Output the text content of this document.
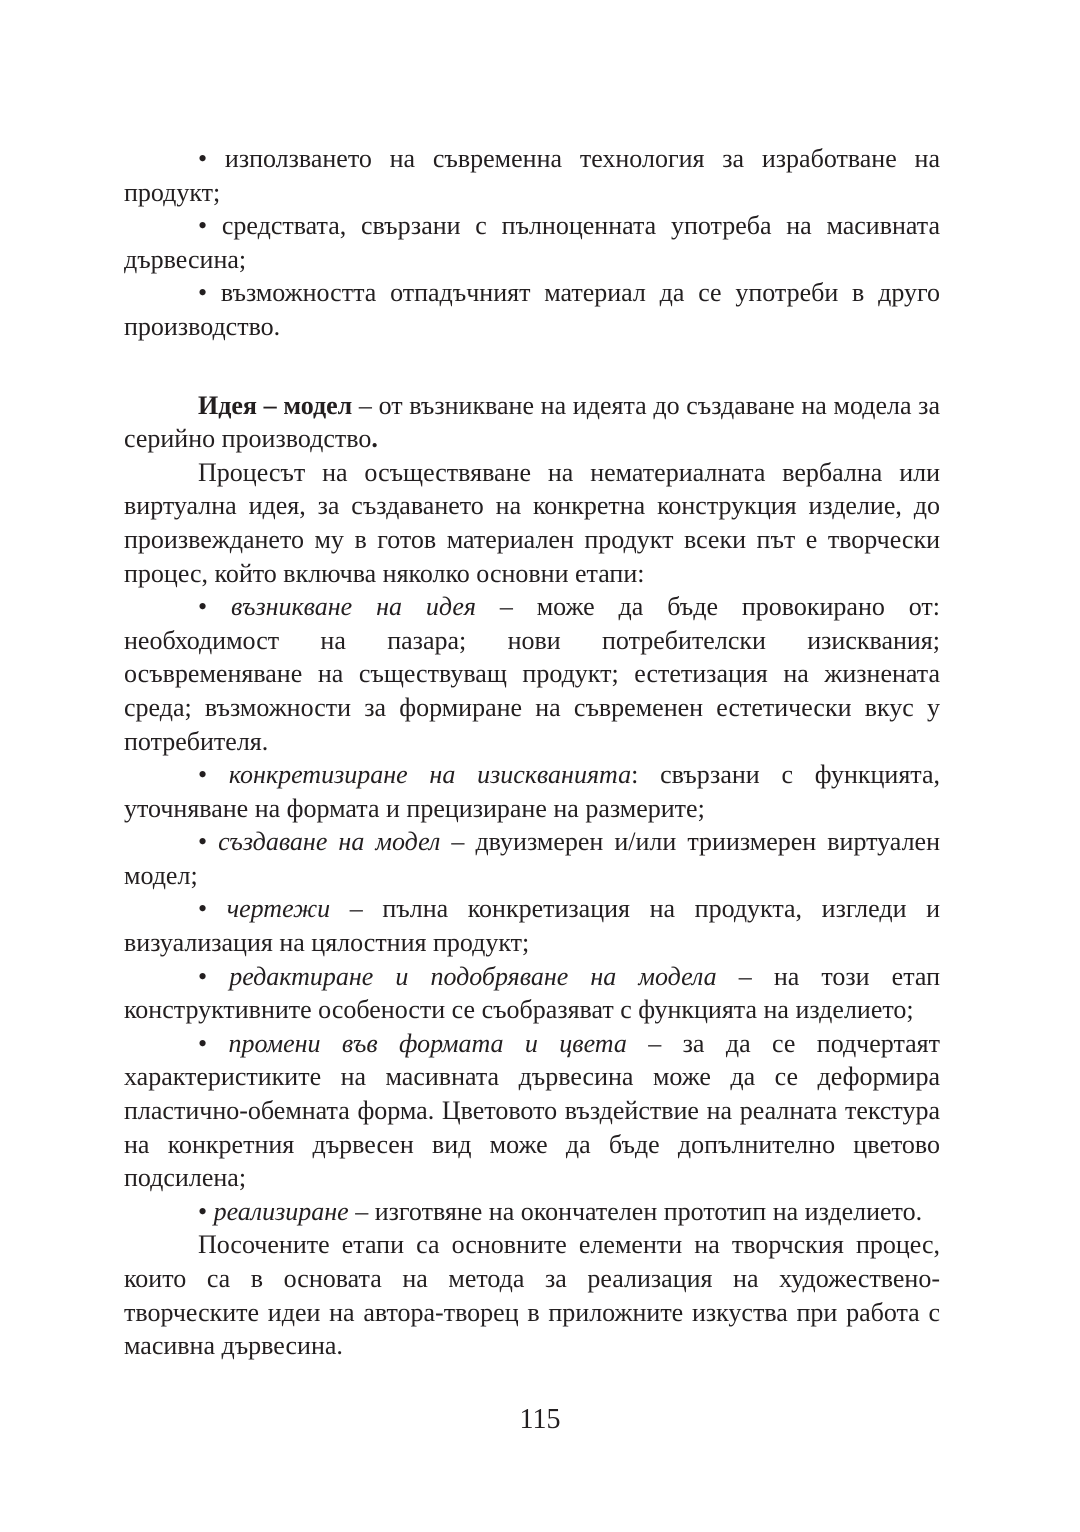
• използването на съвременна технология за изработване на продукт;

• средствата, свързани с пълноценната употреба на масивната дървесина;

• възможността отпадъчният материал да се употреби в друго производство.

Идея – модел – от възникване на идеята до създаване на модела за серийно производство.

Процесът на осъществяване на нематериалната вербална или виртуална идея, за създаването на конкретна конструкция изделие, до произвеждането му в готов материален продукт всеки път е творчески процес, който включва няколко основни етапи:

• възникване на идея – може да бъде провокирано от: необходимост на пазара; нови потребителски изисквания; осъвременяване на съществуващ продукт; естетизация на жизнената среда; възможности за формиране на съвременен естетически вкус у потребителя.

• конкретизиране на изискванията: свързани с функцията, уточняване на формата и прецизиране на размерите;

• създаване на модел – двуизмерен и/или триизмерен виртуален модел;

• чертежи – пълна конкретизация на продукта, изгледи и визуализация на цялостния продукт;

• редактиране и подобряване на модела – на този етап конструктивните особености се съобразяват с функцията на изделието;

• промени във формата и цвета – за да се подчертаят характеристиките на масивната дървесина може да се деформира пластично-обемната форма. Цветовото въздействие на реалната текстура на конкретния дървесен вид може да бъде допълнително цветово подсилена;

• реализиране – изготвяне на окончателен прототип на изделието.

Посочените етапи са основните елементи на творчския процес, които са в основата на метода за реализация на художествено-творческите идеи на автора-творец в приложните изкуства при работа с масивна дървесина.

115
